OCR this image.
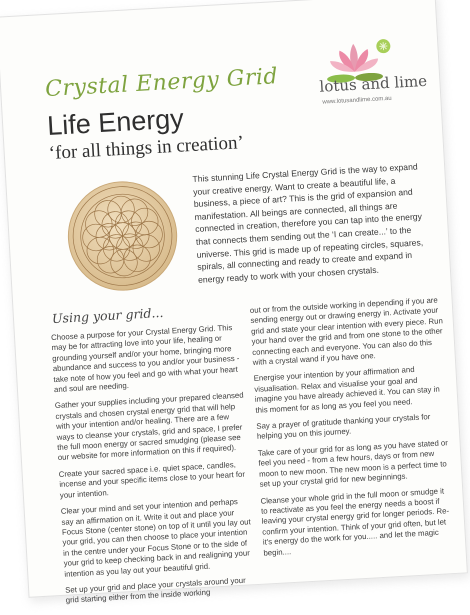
Crystal Energy Grid
Life Energy
‘for all things in creation’
lotus and lime
www.lotusandlime.com.au
This stunning Life Crystal Energy Grid is the way to expand your creative energy. Want to create a beautiful life, a business, a piece of art? This is the grid of expansion and manifestation. All beings are connected, all things are connected in creation, therefore you can tap into the energy that connects them sending out the ‘I can create...’ to the universe. This grid is made up of repeating circles, squares, spirals, all connecting and ready to create and expand in energy ready to work with your chosen crystals.
Using your grid...

Choose a purpose for your Crystal Energy Grid. This may be for attracting love into your life, healing or grounding yourself and/or your home, bringing more abundance and success to you and/or your business - take note of how you feel and go with what your heart and soul are needing.

Gather your supplies including your prepared cleansed crystals and chosen crystal energy grid that will help with your intention and/or healing. There are a few ways to cleanse your crystals, grid and space, I prefer the full moon energy or sacred smudging (please see our website for more information on this if required).

Create your sacred space i.e. quiet space, candles, incense and your specific items close to your heart for your intention.

Clear your mind and set your intention and perhaps say an affirmation on it. Write it out and place your Focus Stone (center stone) on top of it until you lay out your grid, you can then choose to place your intention in the centre under your Focus Stone or to the side of your grid to keep checking back in and realigning your intention as you lay out your beautiful grid.

Set up your grid and place your crystals around your grid starting either from the inside working

out or from the outside working in depending if you are sending energy out or drawing energy in. Activate your grid and state your clear intention with every piece. Run your hand over the grid and from one stone to the other connecting each and everyone. You can also do this with a crystal wand if you have one.

Energise your intention by your affirmation and visualisation. Relax and visualise your goal and imagine you have already achieved it. You can stay in this moment for as long as you feel you need.

Say a prayer of gratitude thanking your crystals for helping you on this journey.

Take care of your grid for as long as you have stated or feel you need - from a few hours, days or from new moon to new moon. The new moon is a perfect time to set up your crystal grid for new beginnings.

Cleanse your whole grid in the full moon or smudge it to reactivate as you feel the energy needs a boost if leaving your crystal energy grid for longer periods. Re-confirm your intention. Think of your grid often, but let it's energy do the work for you..... and let the magic begin....
